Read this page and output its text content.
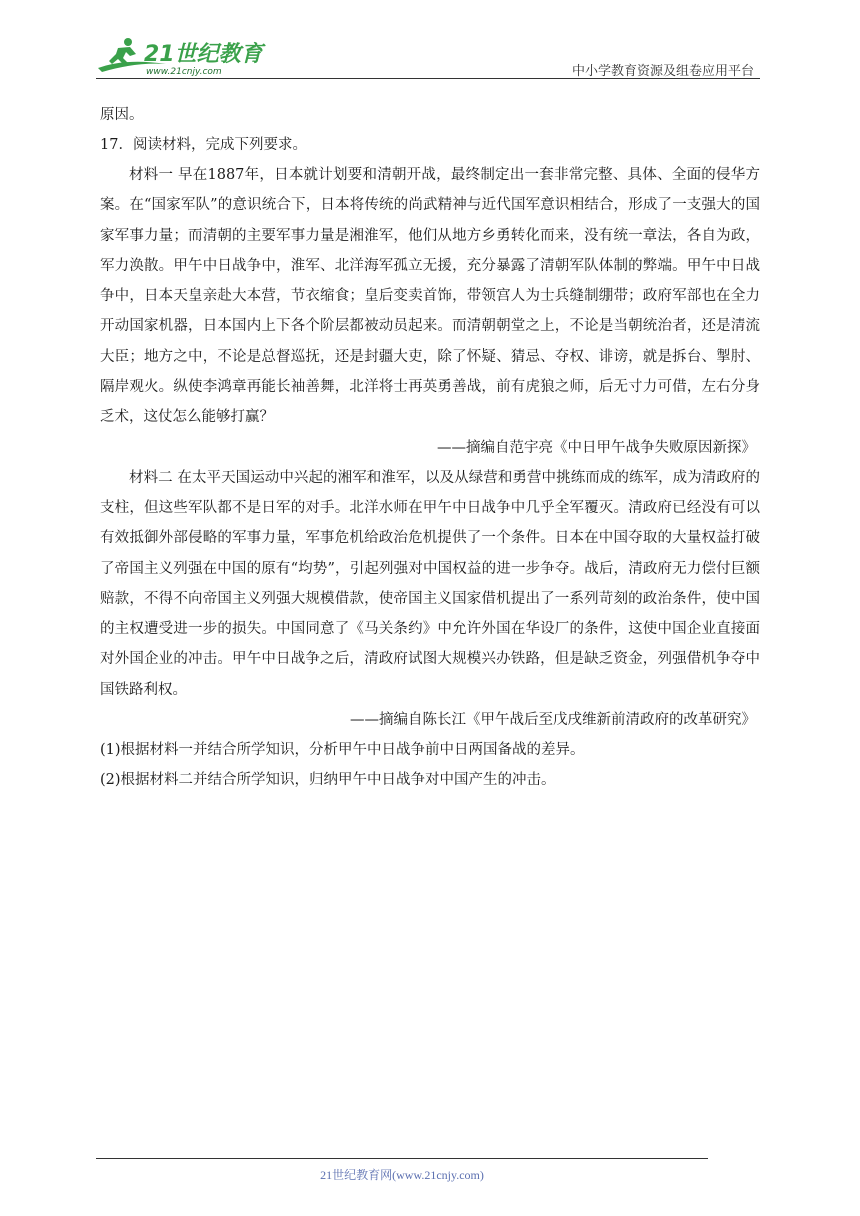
21世纪教育
www.21cnjy.com	中小学教育资源及组卷应用平台

原因。

17．阅读材料，完成下列要求。

材料一 早在1887年，日本就计划要和清朝开战，最终制定出一套非常完整、具体、全面的侵华方案。在“国家军队”的意识统合下，日本将传统的尚武精神与近代国军意识相结合，形成了一支强大的国家军事力量；而清朝的主要军事力量是湘淮军，他们从地方乡勇转化而来，没有统一章法，各自为政，军力涣散。甲午中日战争中，淮军、北洋海军孤立无援，充分暴露了清朝军队体制的弊端。甲午中日战争中，日本天皇亲赴大本营，节衣缩食；皇后变卖首饰，带领宫人为士兵缝制绷带；政府军部也在全力开动国家机器，日本国内上下各个阶层都被动员起来。而清朝朝堂之上，不论是当朝统治者，还是清流大臣；地方之中，不论是总督巡抚，还是封疆大吏，除了怀疑、猜忌、夺权、诽谤，就是拆台、掣肘、隔岸观火。纵使李鸿章再能长袖善舞，北洋将士再英勇善战，前有虎狼之师，后无寸力可借，左右分身乏术，这仗怎么能够打赢？

——摘编自范宇亮《中日甲午战争失败原因新探》

材料二 在太平天国运动中兴起的湘军和淮军，以及从绿营和勇营中挑练而成的练军，成为清政府的支柱，但这些军队都不是日军的对手。北洋水师在甲午中日战争中几乎全军覆灭。清政府已经没有可以有效抵御外部侵略的军事力量，军事危机给政治危机提供了一个条件。日本在中国夺取的大量权益打破了帝国主义列强在中国的原有“均势”，引起列强对中国权益的进一步争夺。战后，清政府无力偿付巨额赔款，不得不向帝国主义列强大规模借款，使帝国主义国家借机提出了一系列苛刻的政治条件，使中国的主权遭受进一步的损失。中国同意了《马关条约》中允许外国在华设厂的条件，这使中国企业直接面对外国企业的冲击。甲午中日战争之后，清政府试图大规模兴办铁路，但是缺乏资金，列强借机争夺中国铁路利权。

——摘编自陈长江《甲午战后至戊戌维新前清政府的改革研究》

(1)根据材料一并结合所学知识，分析甲午中日战争前中日两国备战的差异。

(2)根据材料二并结合所学知识，归纳甲午中日战争对中国产生的冲击。

21世纪教育网(www.21cnjy.com)
